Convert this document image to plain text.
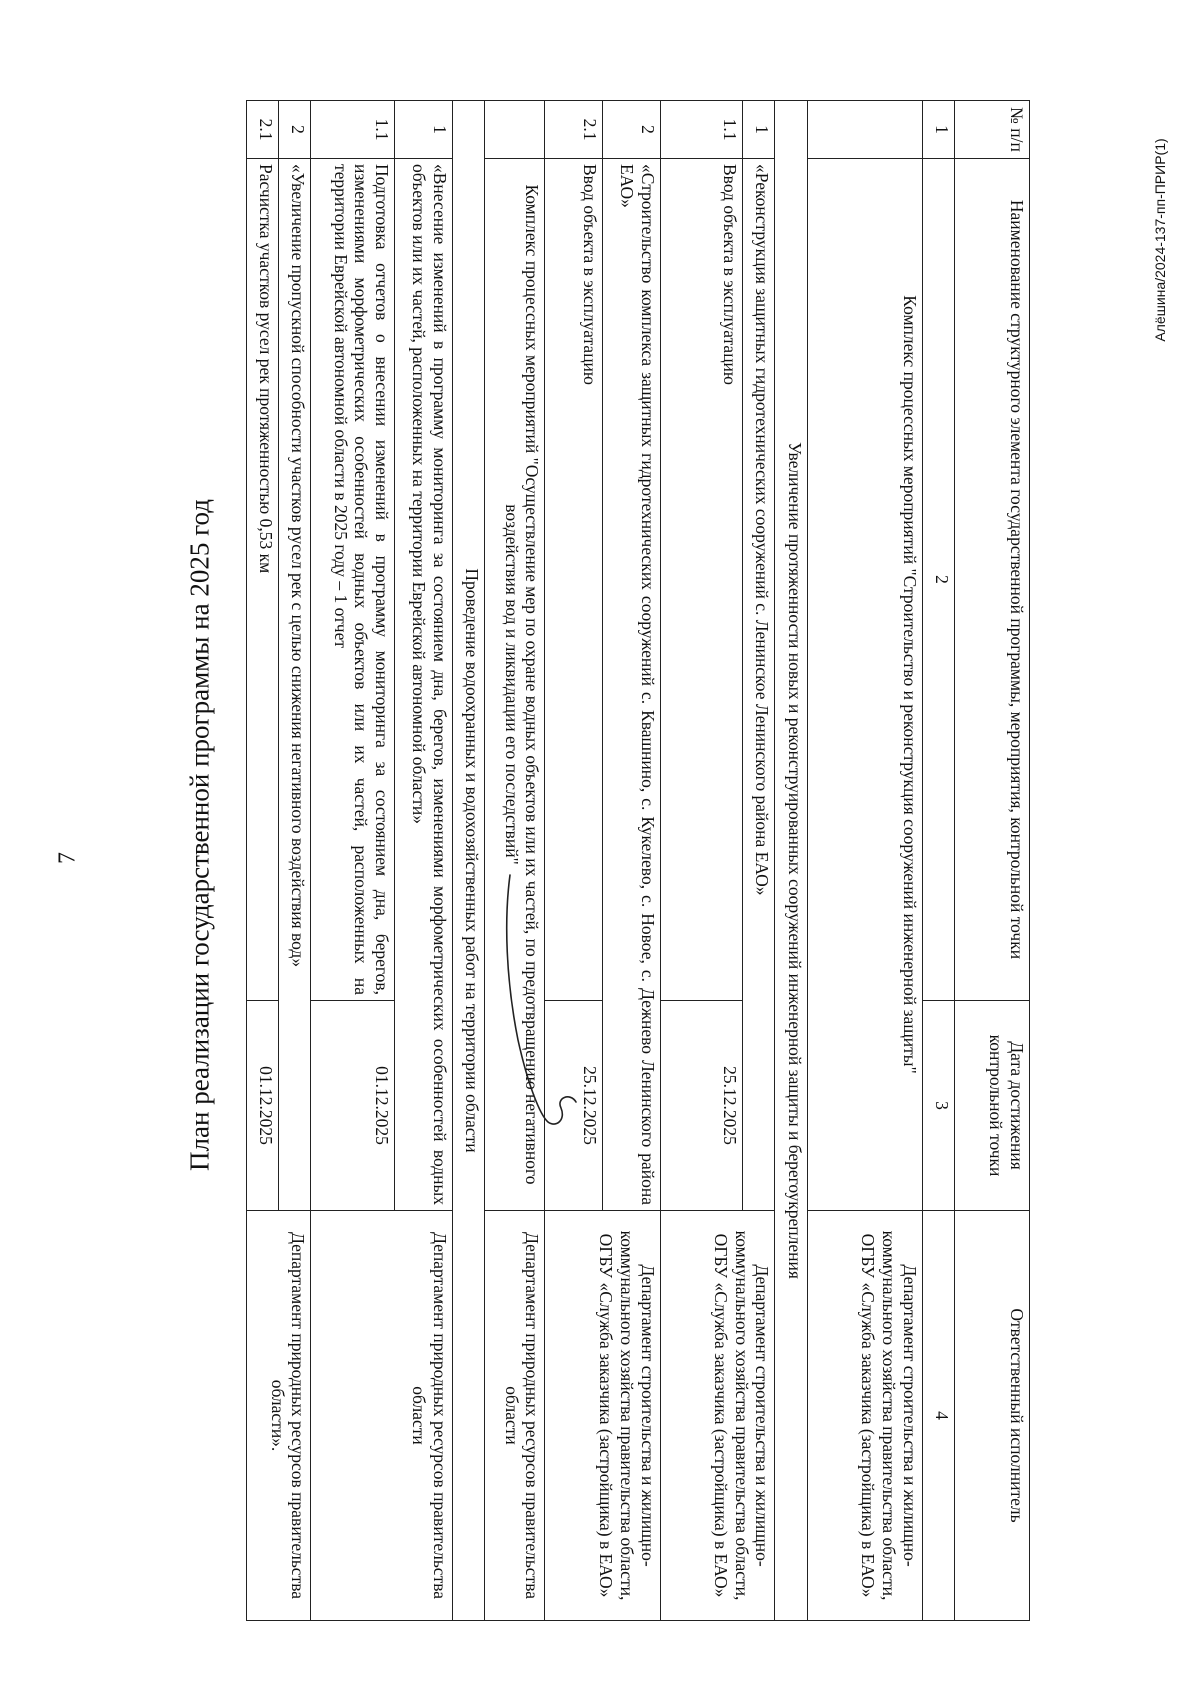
7	План реализации государственной программы на 2025 год
Алёшина/2024-137-пп-ПРИР(1)
№ п/п	Наименование структурного элемента государственной программы, мероприятия, контрольной точки	Дата достижения контрольной точки	Ответственный исполнитель
1	2	3	4
	Комплекс процессных мероприятий "Строительство и реконструкция сооружений инженерной защиты"		Департамент строительства и жилищно-коммунального хозяйства правительства области, ОГБУ «Служба заказчика (застройщика) в ЕАО»
Увеличение протяженности новых и реконструированных сооружений инженерной защиты и берегоукрепления			
1	«Реконструкция защитных гидротехнических сооружений с. Ленинское Ленинского района ЕАО»		Департамент строительства и жилищно-коммунального хозяйства правительства области, ОГБУ «Служба заказчика (застройщика) в ЕАО»
1.1	Ввод объекта в эксплуатацию	25.12.2025	
2	«Строительство комплекса защитных гидротехнических сооружений с. Квашнино, с. Кукелево, с. Новое, с. Дежнево Ленинского района ЕАО»		Департамент строительства и жилищно-коммунального хозяйства правительства области, ОГБУ «Служба заказчика (застройщика) в ЕАО»
2.1	Ввод объекта в эксплуатацию	25.12.2025	
	Комплекс процессных мероприятий "Осуществление мер по охране водных объектов или их частей, по предотвращению негативного воздействия вод и ликвидации его последствий"		Департамент природных ресурсов правительства области
Проведение водоохранных и водохозяйственных работ на территории области			
1	«Внесение изменений в программу мониторинга за состоянием дна, берегов, изменениями морфометрических особенностей водных объектов или их частей, расположенных на территории Еврейской автономной области»		Департамент природных ресурсов правительства области
1.1	Подготовка отчетов о внесении изменений в программу мониторинга за состоянием дна, берегов, изменениями морфометрических особенностей водных объектов или их частей, расположенных на территории Еврейской автономной области в 2025 году – 1 отчет	01.12.2025	
2	«Увеличение пропускной способности участков русел рек с целью снижения негативного воздействия вод»		Департамент природных ресурсов правительства области».
2.1	Расчистка участков русел рек протяженностью 0,53 км	01.12.2025	
